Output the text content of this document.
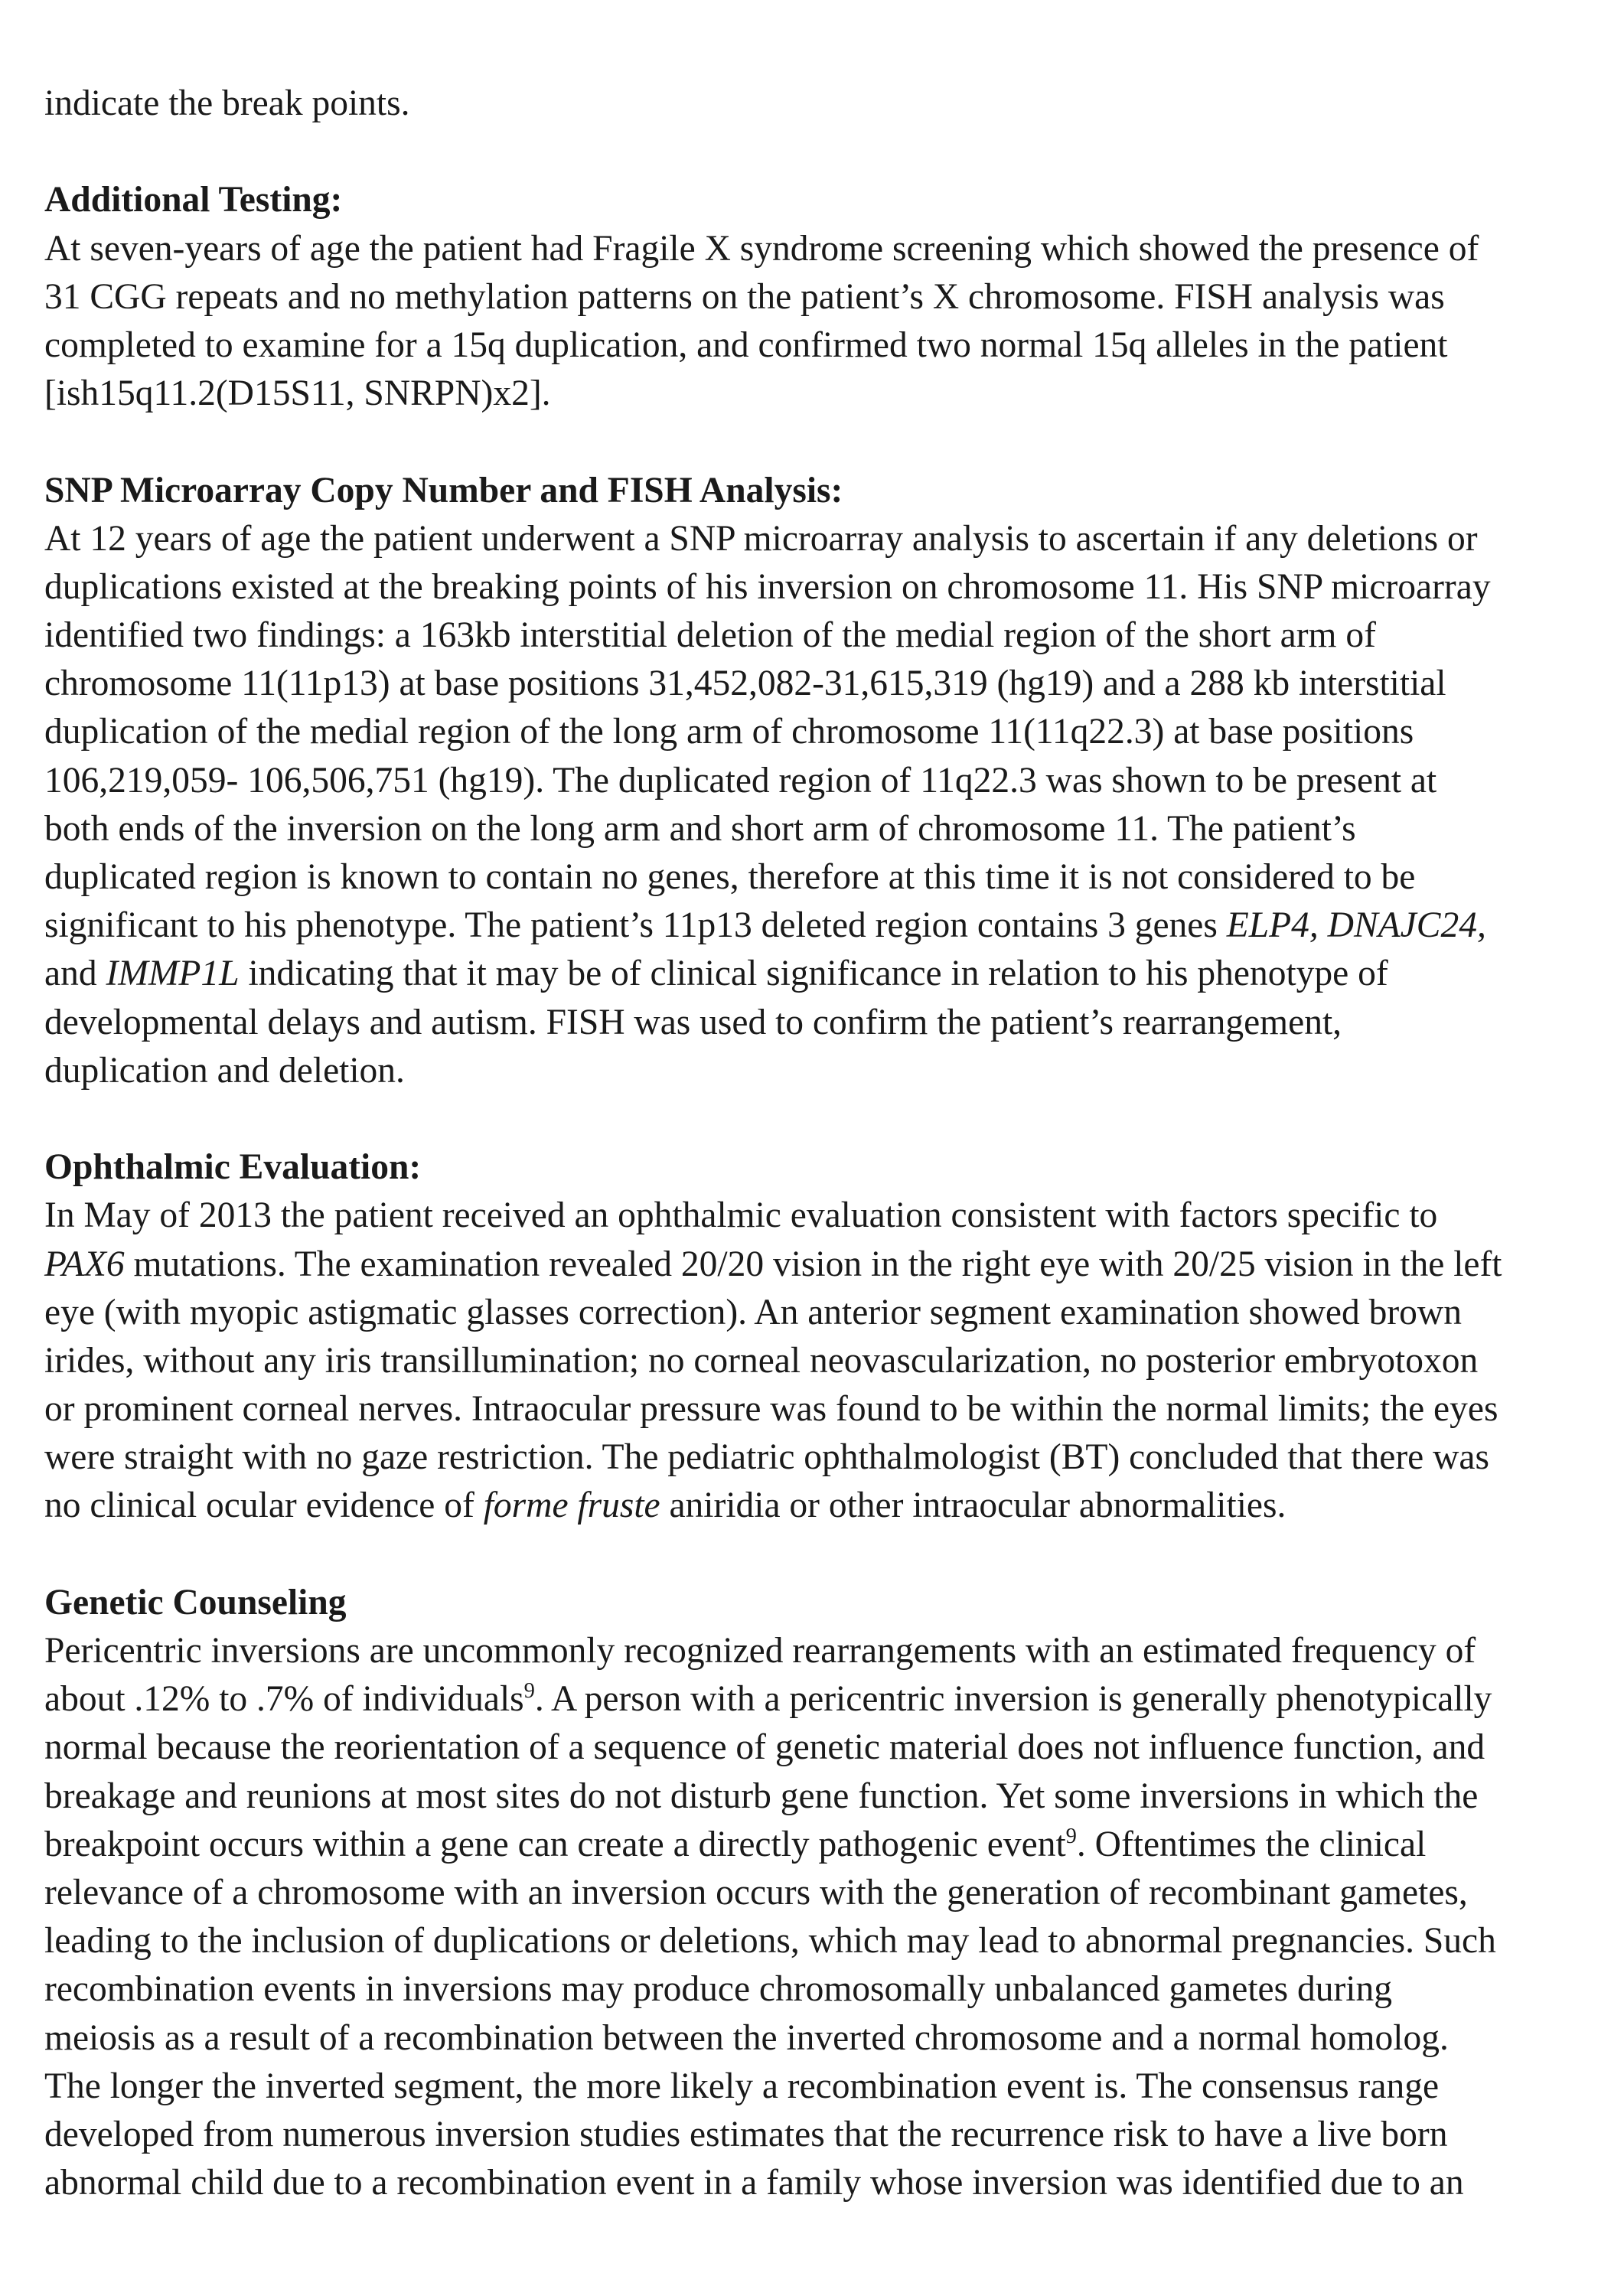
indicate the break points.
Additional Testing:
At seven-years of age the patient had Fragile X syndrome screening which showed the presence of
31 CGG repeats and no methylation patterns on the patient’s X chromosome. FISH analysis was
completed to examine for a 15q duplication, and confirmed two normal 15q alleles in the patient
[ish15q11.2(D15S11, SNRPN)x2].
SNP Microarray Copy Number and FISH Analysis:
At 12 years of age the patient underwent a SNP microarray analysis to ascertain if any deletions or
duplications existed at the breaking points of his inversion on chromosome 11. His SNP microarray
identified two findings: a 163kb interstitial deletion of the medial region of the short arm of
chromosome 11(11p13) at base positions 31,452,082-31,615,319 (hg19) and a 288 kb interstitial
duplication of the medial region of the long arm of chromosome 11(11q22.3) at base positions
106,219,059- 106,506,751 (hg19). The duplicated region of 11q22.3 was shown to be present at
both ends of the inversion on the long arm and short arm of chromosome 11. The patient’s
duplicated region is known to contain no genes, therefore at this time it is not considered to be
significant to his phenotype. The patient’s 11p13 deleted region contains 3 genes ELP4, DNAJC24,
and IMMP1L indicating that it may be of clinical significance in relation to his phenotype of
developmental delays and autism. FISH was used to confirm the patient’s rearrangement,
duplication and deletion.
Ophthalmic Evaluation:
In May of 2013 the patient received an ophthalmic evaluation consistent with factors specific to
PAX6 mutations. The examination revealed 20/20 vision in the right eye with 20/25 vision in the left
eye (with myopic astigmatic glasses correction). An anterior segment examination showed brown
irides, without any iris transillumination; no corneal neovascularization, no posterior embryotoxon
or prominent corneal nerves. Intraocular pressure was found to be within the normal limits; the eyes
were straight with no gaze restriction. The pediatric ophthalmologist (BT) concluded that there was
no clinical ocular evidence of forme fruste aniridia or other intraocular abnormalities.
Genetic Counseling
Pericentric inversions are uncommonly recognized rearrangements with an estimated frequency of
about .12% to .7% of individuals$^9$. A person with a pericentric inversion is generally phenotypically
normal because the reorientation of a sequence of genetic material does not influence function, and
breakage and reunions at most sites do not disturb gene function. Yet some inversions in which the
breakpoint occurs within a gene can create a directly pathogenic event$^9$. Oftentimes the clinical
relevance of a chromosome with an inversion occurs with the generation of recombinant gametes,
leading to the inclusion of duplications or deletions, which may lead to abnormal pregnancies. Such
recombination events in inversions may produce chromosomally unbalanced gametes during
meiosis as a result of a recombination between the inverted chromosome and a normal homolog.
The longer the inverted segment, the more likely a recombination event is. The consensus range
developed from numerous inversion studies estimates that the recurrence risk to have a live born
abnormal child due to a recombination event in a family whose inversion was identified due to an
